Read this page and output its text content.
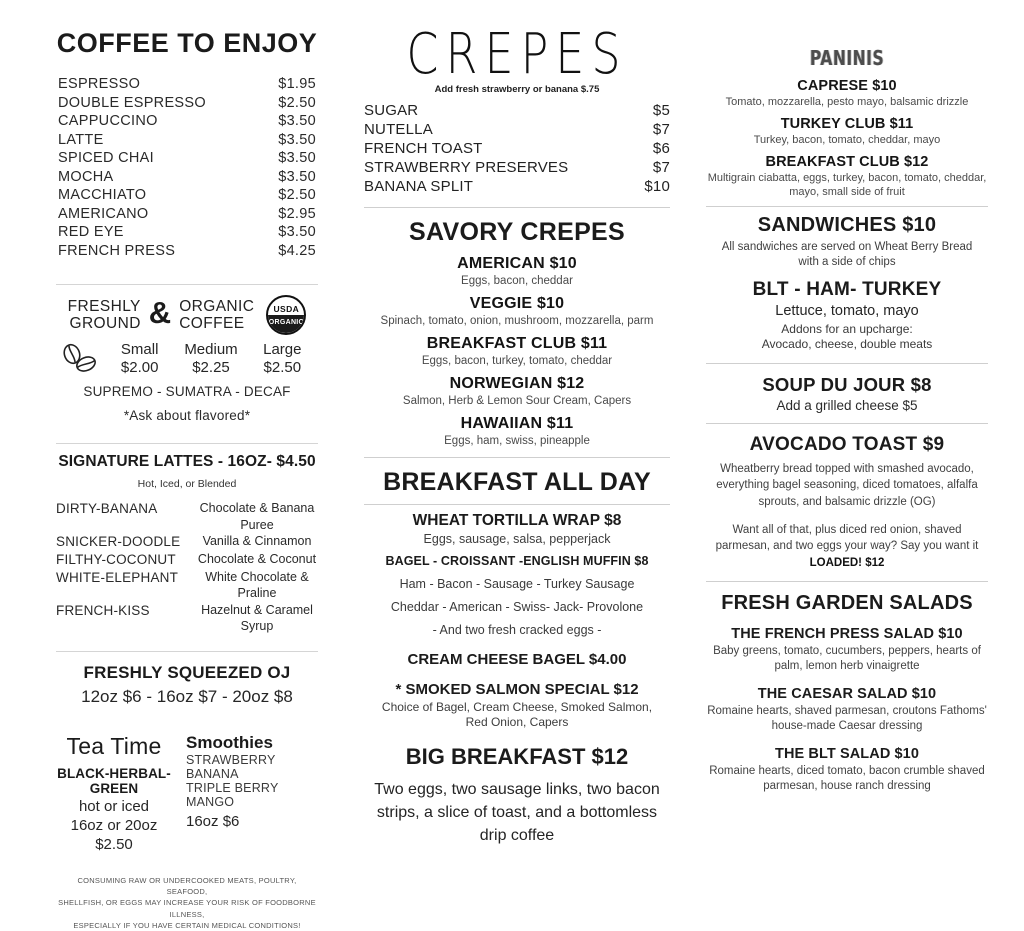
COFFEE TO ENJOY
ESPRESSO	$1.95
DOUBLE ESPRESSO	$2.50
CAPPUCCINO	$3.50
LATTE	$3.50
SPICED CHAI	$3.50
MOCHA	$3.50
MACCHIATO	$2.50
AMERICANO	$2.95
RED EYE	$3.50
FRENCH PRESS	$4.25
FRESHLY
GROUND & ORGANIC
COFFEE
USDA
ORGANIC
Small
$2.00
Medium
$2.25
Large
$2.50
SUPREMO - SUMATRA - DECAF
*Ask about flavored*
SIGNATURE LATTES - 16OZ- $4.50
Hot, Iced, or Blended
DIRTY-BANANA	Chocolate & Banana Puree
SNICKER-DOODLE	Vanilla & Cinnamon
FILTHY-COCONUT	Chocolate & Coconut
WHITE-ELEPHANT	White Chocolate & Praline
FRENCH-KISS	Hazelnut & Caramel Syrup
FRESHLY SQUEEZED OJ
12oz $6 - 16oz $7 - 20oz $8
Tea Time
BLACK-HERBAL-GREEN
hot or iced
16oz or 20oz
$2.50
Smoothies
STRAWBERRY
BANANA
TRIPLE BERRY
MANGO
16oz $6
CONSUMING RAW OR UNDERCOOKED MEATS, POULTRY, SEAFOOD,
SHELLFISH, OR EGGS MAY INCREASE YOUR RISK OF FOODBORNE ILLNESS,
ESPECIALLY IF YOU HAVE CERTAIN MEDICAL CONDITIONS!
CREPES
Add fresh strawberry or banana $.75
SUGAR	$5
NUTELLA	$7
FRENCH TOAST	$6
STRAWBERRY PRESERVES	$7
BANANA SPLIT	$10
SAVORY CREPES
AMERICAN $10
Eggs, bacon, cheddar
VEGGIE $10
Spinach, tomato, onion, mushroom, mozzarella, parm
BREAKFAST CLUB $11
Eggs, bacon, turkey, tomato, cheddar
NORWEGIAN $12
Salmon, Herb & Lemon Sour Cream, Capers
HAWAIIAN $11
Eggs, ham, swiss, pineapple
BREAKFAST ALL DAY
WHEAT TORTILLA WRAP $8
Eggs, sausage, salsa, pepperjack
BAGEL - CROISSANT -ENGLISH MUFFIN $8
Ham - Bacon - Sausage - Turkey Sausage
Cheddar - American - Swiss- Jack- Provolone
- And two fresh cracked eggs -
CREAM CHEESE BAGEL $4.00
* SMOKED SALMON SPECIAL $12
Choice of Bagel, Cream Cheese, Smoked Salmon,
Red Onion, Capers
BIG BREAKFAST $12
Two eggs, two sausage links, two bacon strips, a slice of toast, and a bottomless drip coffee
PANINIS
CAPRESE $10
Tomato, mozzarella, pesto mayo, balsamic drizzle
TURKEY CLUB $11
Turkey, bacon, tomato, cheddar, mayo
BREAKFAST CLUB $12
Multigrain ciabatta, eggs, turkey, bacon, tomato, cheddar, mayo, small side of fruit
SANDWICHES $10
All sandwiches are served on Wheat Berry Bread
with a side of chips
BLT - HAM- TURKEY
Lettuce, tomato, mayo
Addons for an upcharge:
Avocado, cheese, double meats
SOUP DU JOUR $8
Add a grilled cheese $5
AVOCADO TOAST $9
Wheatberry bread topped with smashed avocado, everything bagel seasoning, diced tomatoes, alfalfa sprouts, and balsamic drizzle (OG)
Want all of that, plus diced red onion, shaved parmesan, and two eggs your way? Say you want it LOADED! $12
FRESH GARDEN SALADS
THE FRENCH PRESS SALAD $10
Baby greens, tomato, cucumbers, peppers, hearts of palm, lemon herb vinaigrette
THE CAESAR SALAD $10
Romaine hearts, shaved parmesan, croutons Fathoms' house-made Caesar dressing
THE BLT SALAD $10
Romaine hearts, diced tomato, bacon crumble shaved parmesan, house ranch dressing
